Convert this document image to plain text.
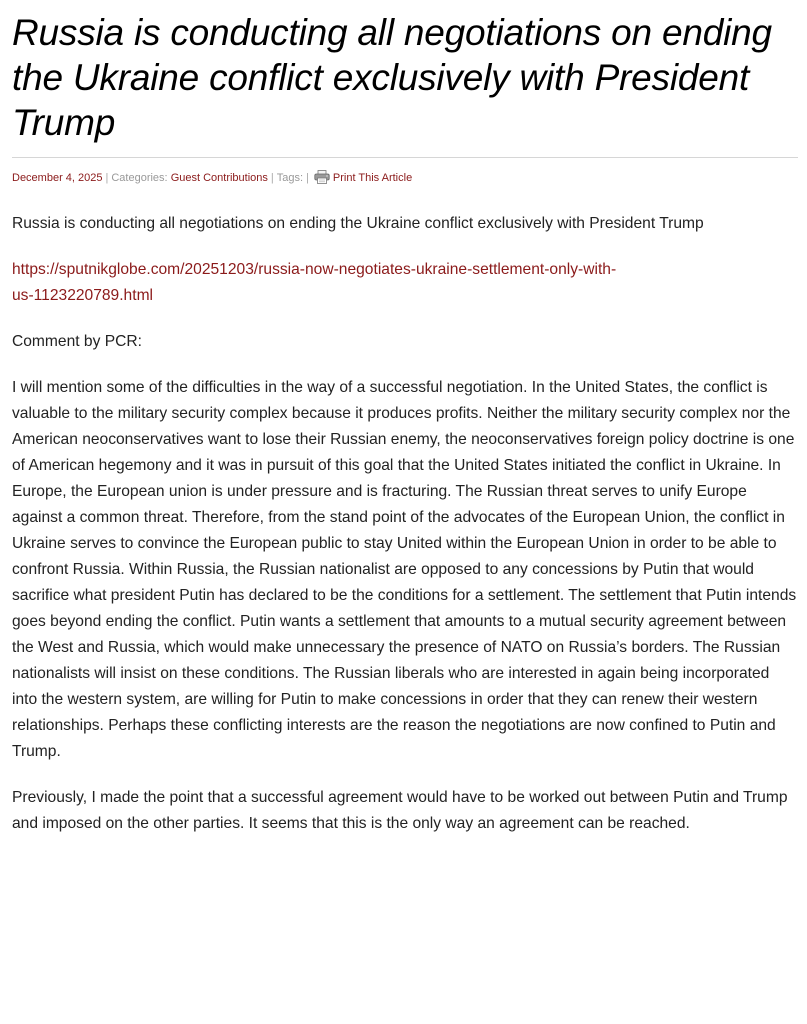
Russia is conducting all negotiations on ending the Ukraine conflict exclusively with President Trump
December 4, 2025 | Categories:
Guest Contributions | Tags: | Print This Article

Russia is conducting all negotiations on ending the Ukraine conflict exclusively with President Trump

https://sputnikglobe.com/20251203/russia-now-negotiates-ukraine-settlement-only-with-
us-1123220789.html

Comment by PCR:

I will mention some of the difficulties in the way of a successful negotiation. In the United States, the conflict is valuable to the military security complex because it produces profits. Neither the military security complex nor the American neoconservatives want to lose their Russian enemy, the neoconservatives foreign policy doctrine is one of American hegemony and it was in pursuit of this goal that the United States initiated the conflict in Ukraine. In Europe, the European union is under pressure and is fracturing. The Russian threat serves to unify Europe against a common threat. Therefore, from the stand point of the advocates of the European Union, the conflict in Ukraine serves to convince the European public to stay United within the European Union in order to be able to confront Russia. Within Russia, the Russian nationalist are opposed to any concessions by Putin that would sacrifice what president Putin has declared to be the conditions for a settlement. The settlement that Putin intends goes beyond ending the conflict. Putin wants a settlement that amounts to a mutual security agreement between the West and Russia, which would make unnecessary the presence of NATO on Russia’s borders. The Russian nationalists will insist on these conditions. The Russian liberals who are interested in again being incorporated into the western system, are willing for Putin to make concessions in order that they can renew their western relationships. Perhaps these conflicting interests are the reason the negotiations are now confined to Putin and Trump.

Previously, I made the point that a successful agreement would have to be worked out between Putin and Trump and imposed on the other parties. It seems that this is the only way an agreement can be reached.
